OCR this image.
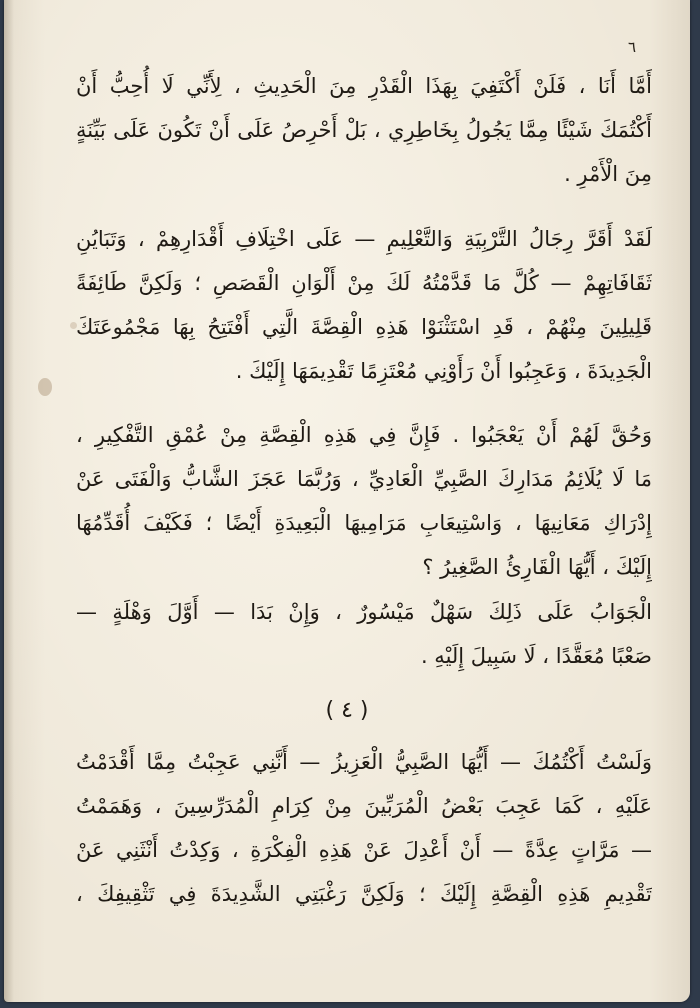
٦
أَمَّا أَنَا ، فَلَنْ أَكْتَفِيَ بِهَذَا الْقَدْرِ مِنَ الْحَدِيثِ ، لِأَنِّي لَا أُحِبُّ أَنْ
أَكْتُمَكَ شَيْئًا مِمَّا يَجُولُ بِخَاطِرِي ، بَلْ أَحْرِصُ عَلَى أَنْ تَكُونَ عَلَى بَيِّنَةٍ
مِنَ الْأَمْرِ .
لَقَدْ أَقَرَّ رِجَالُ التَّرْبِيَةِ وَالتَّعْلِيمِ — عَلَى اخْتِلَافِ أَقْدَارِهِمْ ، وَتَبَايُنِ
ثَقَافَاتِهِمْ — كُلَّ مَا قَدَّمْتُهُ لَكَ مِنْ أَلْوَانِ الْقَصَصِ ؛ وَلَكِنَّ طَائِفَةً
قَلِيلِينَ مِنْهُمْ ، قَدِ اسْتَثْنَوْا هَذِهِ الْقِصَّةَ الَّتِي أَفْتَتِحُ بِهَا مَجْمُوعَتَكَ
الْجَدِيدَةَ ، وَعَجِبُوا أَنْ رَأَوْنِي مُعْتَزِمًا تَقْدِيمَهَا إِلَيْكَ .
وَحُقَّ لَهُمْ أَنْ يَعْجَبُوا . فَإِنَّ فِي هَذِهِ الْقِصَّةِ مِنْ عُمْقِ التَّفْكِيرِ ،
مَا لَا يُلَائِمُ مَدَارِكَ الصَّبِيِّ الْعَادِيِّ ، وَرُبَّمَا عَجَزَ الشَّابُّ وَالْفَتَى عَنْ
إِدْرَاكِ مَعَانِيهَا ، وَاسْتِيعَابِ مَرَامِيهَا الْبَعِيدَةِ أَيْضًا ؛ فَكَيْفَ أُقَدِّمُهَا
إِلَيْكَ ، أَيُّهَا الْقَارِئُ الصَّغِيرُ ؟
الْجَوَابُ عَلَى ذَلِكَ سَهْلٌ مَيْسُورٌ ، وَإِنْ بَدَا — أَوَّلَ وَهْلَةٍ —
صَعْبًا مُعَقَّدًا ، لَا سَبِيلَ إِلَيْهِ .
( ٤ )
وَلَسْتُ أَكْتُمُكَ — أَيُّهَا الصَّبِيُّ الْعَزِيزُ — أَنَّنِي عَجِبْتُ مِمَّا أَقْدَمْتُ
عَلَيْهِ ، كَمَا عَجِبَ بَعْضُ الْمُرَبِّينَ مِنْ كِرَامِ الْمُدَرِّسِينَ ، وَهَمَمْتُ
— مَرَّاتٍ عِدَّةً — أَنْ أَعْدِلَ عَنْ هَذِهِ الْفِكْرَةِ ، وَكِدْتُ أَنْثَنِي عَنْ
تَقْدِيمِ هَذِهِ الْقِصَّةِ إِلَيْكَ ؛ وَلَكِنَّ رَغْبَتِي الشَّدِيدَةَ فِي تَثْقِيفِكَ ،
